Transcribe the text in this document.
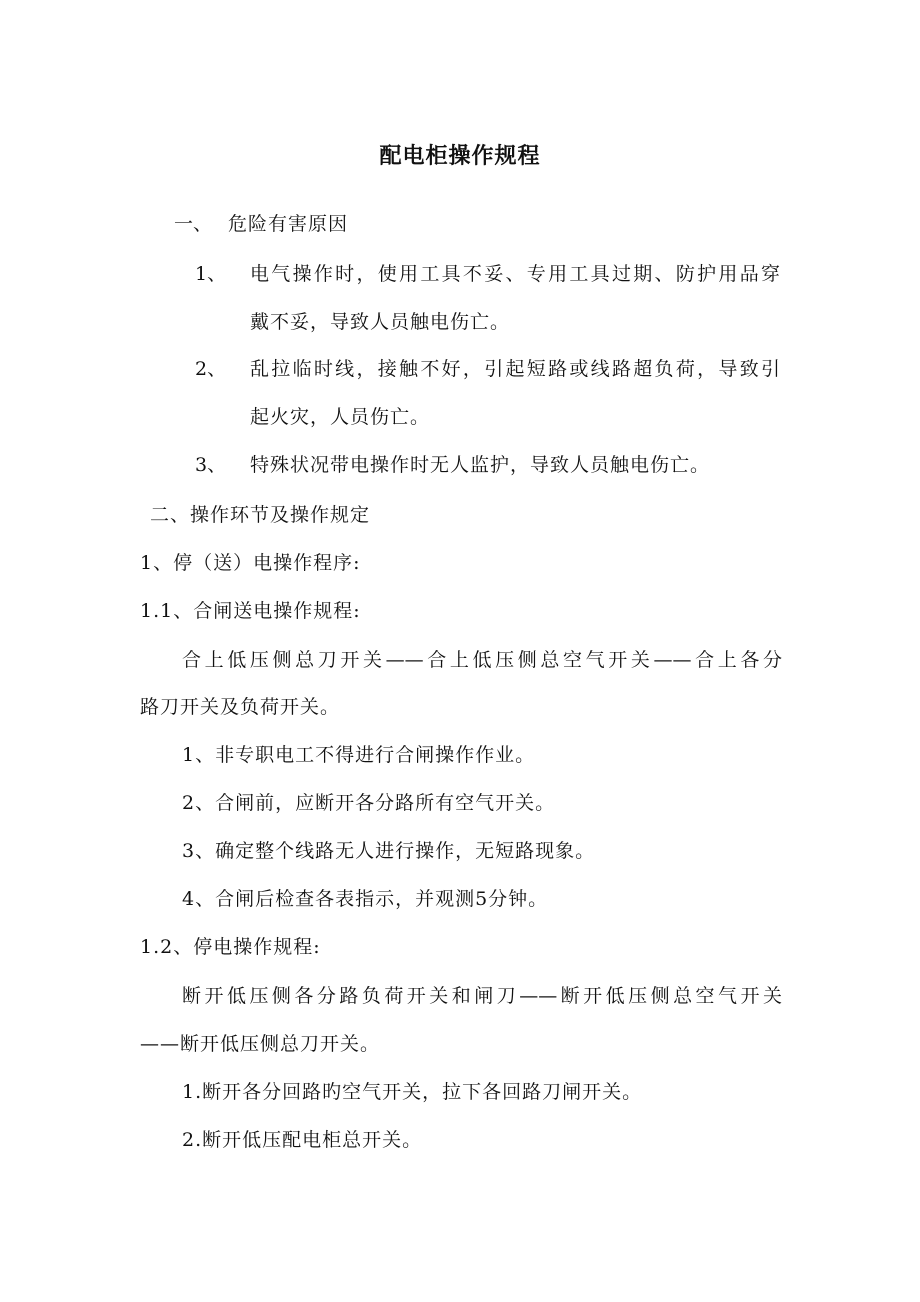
配电柜操作规程
一、 危险有害原因
1、 电气操作时，使用工具不妥、专用工具过期、防护用品穿
戴不妥，导致人员触电伤亡。
2、 乱拉临时线，接触不好，引起短路或线路超负荷，导致引
起火灾，人员伤亡。
3、 特殊状况带电操作时无人监护，导致人员触电伤亡。
二、操作环节及操作规定
1、停（送）电操作程序:
1.1、合闸送电操作规程:
合上低压侧总刀开关——合上低压侧总空气开关——合上各分
路刀开关及负荷开关。
1、非专职电工不得进行合闸操作作业。
2、合闸前，应断开各分路所有空气开关。
3、确定整个线路无人进行操作，无短路现象。
4、合闸后检查各表指示，并观测5分钟。
1.2、停电操作规程:
断开低压侧各分路负荷开关和闸刀——断开低压侧总空气开关
——断开低压侧总刀开关。
1.断开各分回路旳空气开关，拉下各回路刀闸开关。
2.断开低压配电柜总开关。
